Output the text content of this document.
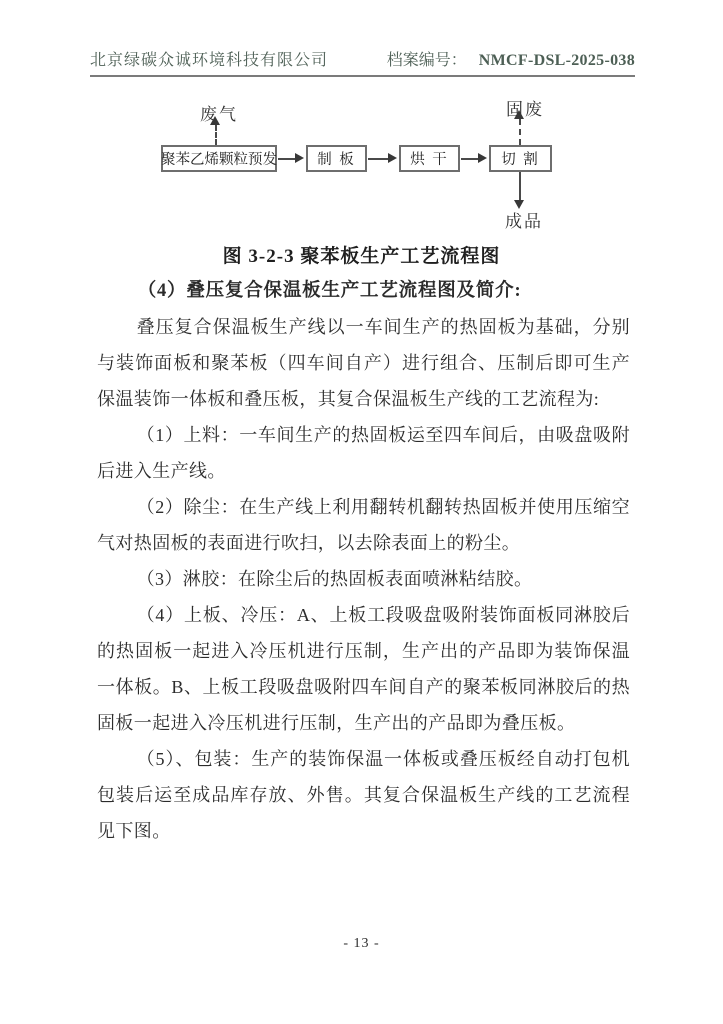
北京绿碳众诚环境科技有限公司	档案编号： NMCF-DSL-2025-038
废气	固废
聚苯乙烯颗粒预发	制 板	烘 干	切 割
成品
图 3-2-3 聚苯板生产工艺流程图

（4）叠压复合保温板生产工艺流程图及简介:

叠压复合保温板生产线以一车间生产的热固板为基础，分别与装饰面板和聚苯板（四车间自产）进行组合、压制后即可生产保温装饰一体板和叠压板，其复合保温板生产线的工艺流程为:

（1）上料：一车间生产的热固板运至四车间后，由吸盘吸附后进入生产线。

（2）除尘：在生产线上利用翻转机翻转热固板并使用压缩空气对热固板的表面进行吹扫，以去除表面上的粉尘。

（3）淋胶：在除尘后的热固板表面喷淋粘结胶。

（4）上板、冷压：A、上板工段吸盘吸附装饰面板同淋胶后的热固板一起进入冷压机进行压制，生产出的产品即为装饰保温一体板。B、上板工段吸盘吸附四车间自产的聚苯板同淋胶后的热固板一起进入冷压机进行压制，生产出的产品即为叠压板。

（5）、包装：生产的装饰保温一体板或叠压板经自动打包机包装后运至成品库存放、外售。其复合保温板生产线的工艺流程见下图。

- 13 -
